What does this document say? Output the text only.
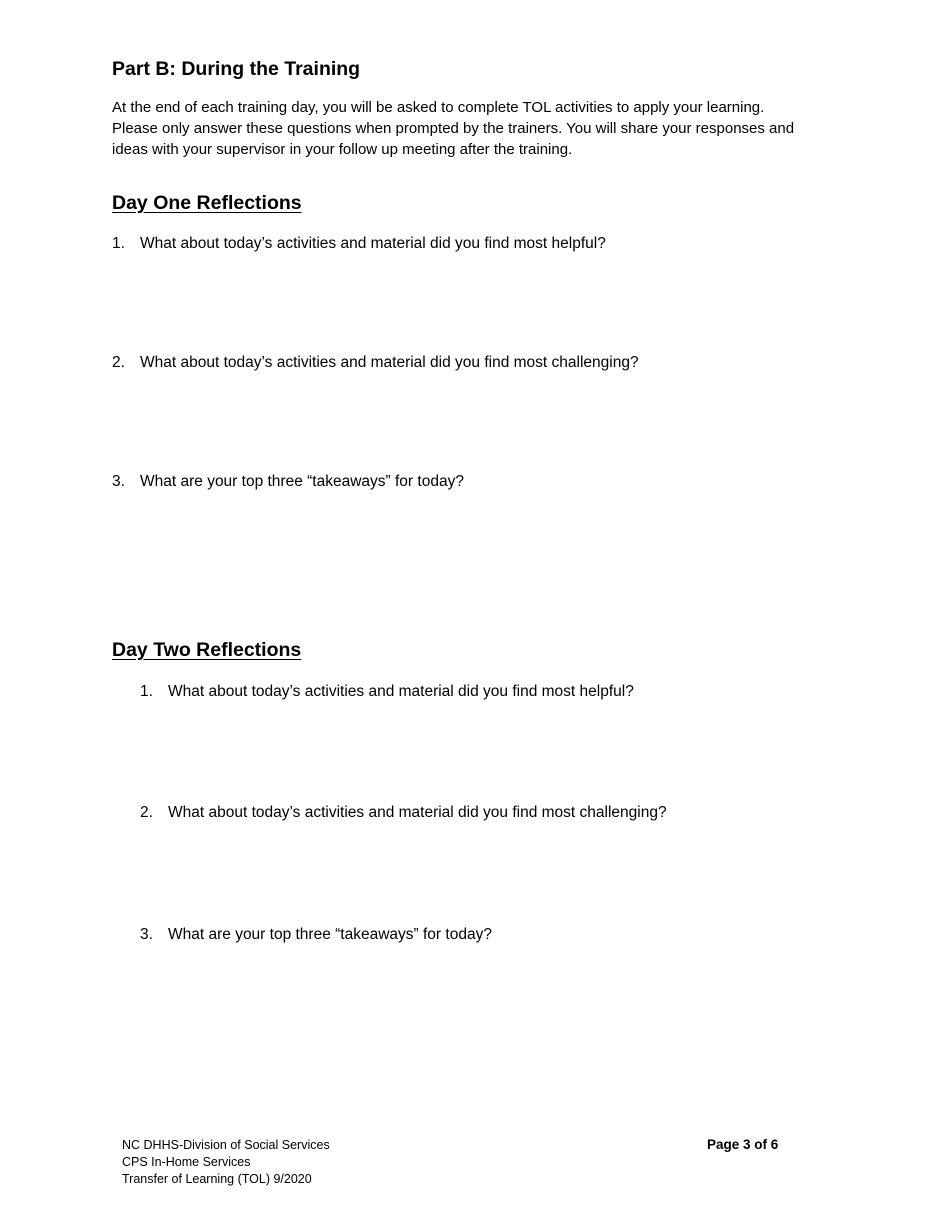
Part B: During the Training

At the end of each training day, you will be asked to complete TOL activities to apply your learning.
Please only answer these questions when prompted by the trainers. You will share your responses and
ideas with your supervisor in your follow up meeting after the training.

Day One Reflections
1. What about today’s activities and material did you find most helpful?
2. What about today’s activities and material did you find most challenging?
3. What are your top three “takeaways” for today?
Day Two Reflections
1. What about today’s activities and material did you find most helpful?
2. What about today’s activities and material did you find most challenging?
3. What are your top three “takeaways” for today?
NC DHHS-Division of Social Services
CPS In-Home Services
Transfer of Learning (TOL) 9/2020
Page 3 of 6
